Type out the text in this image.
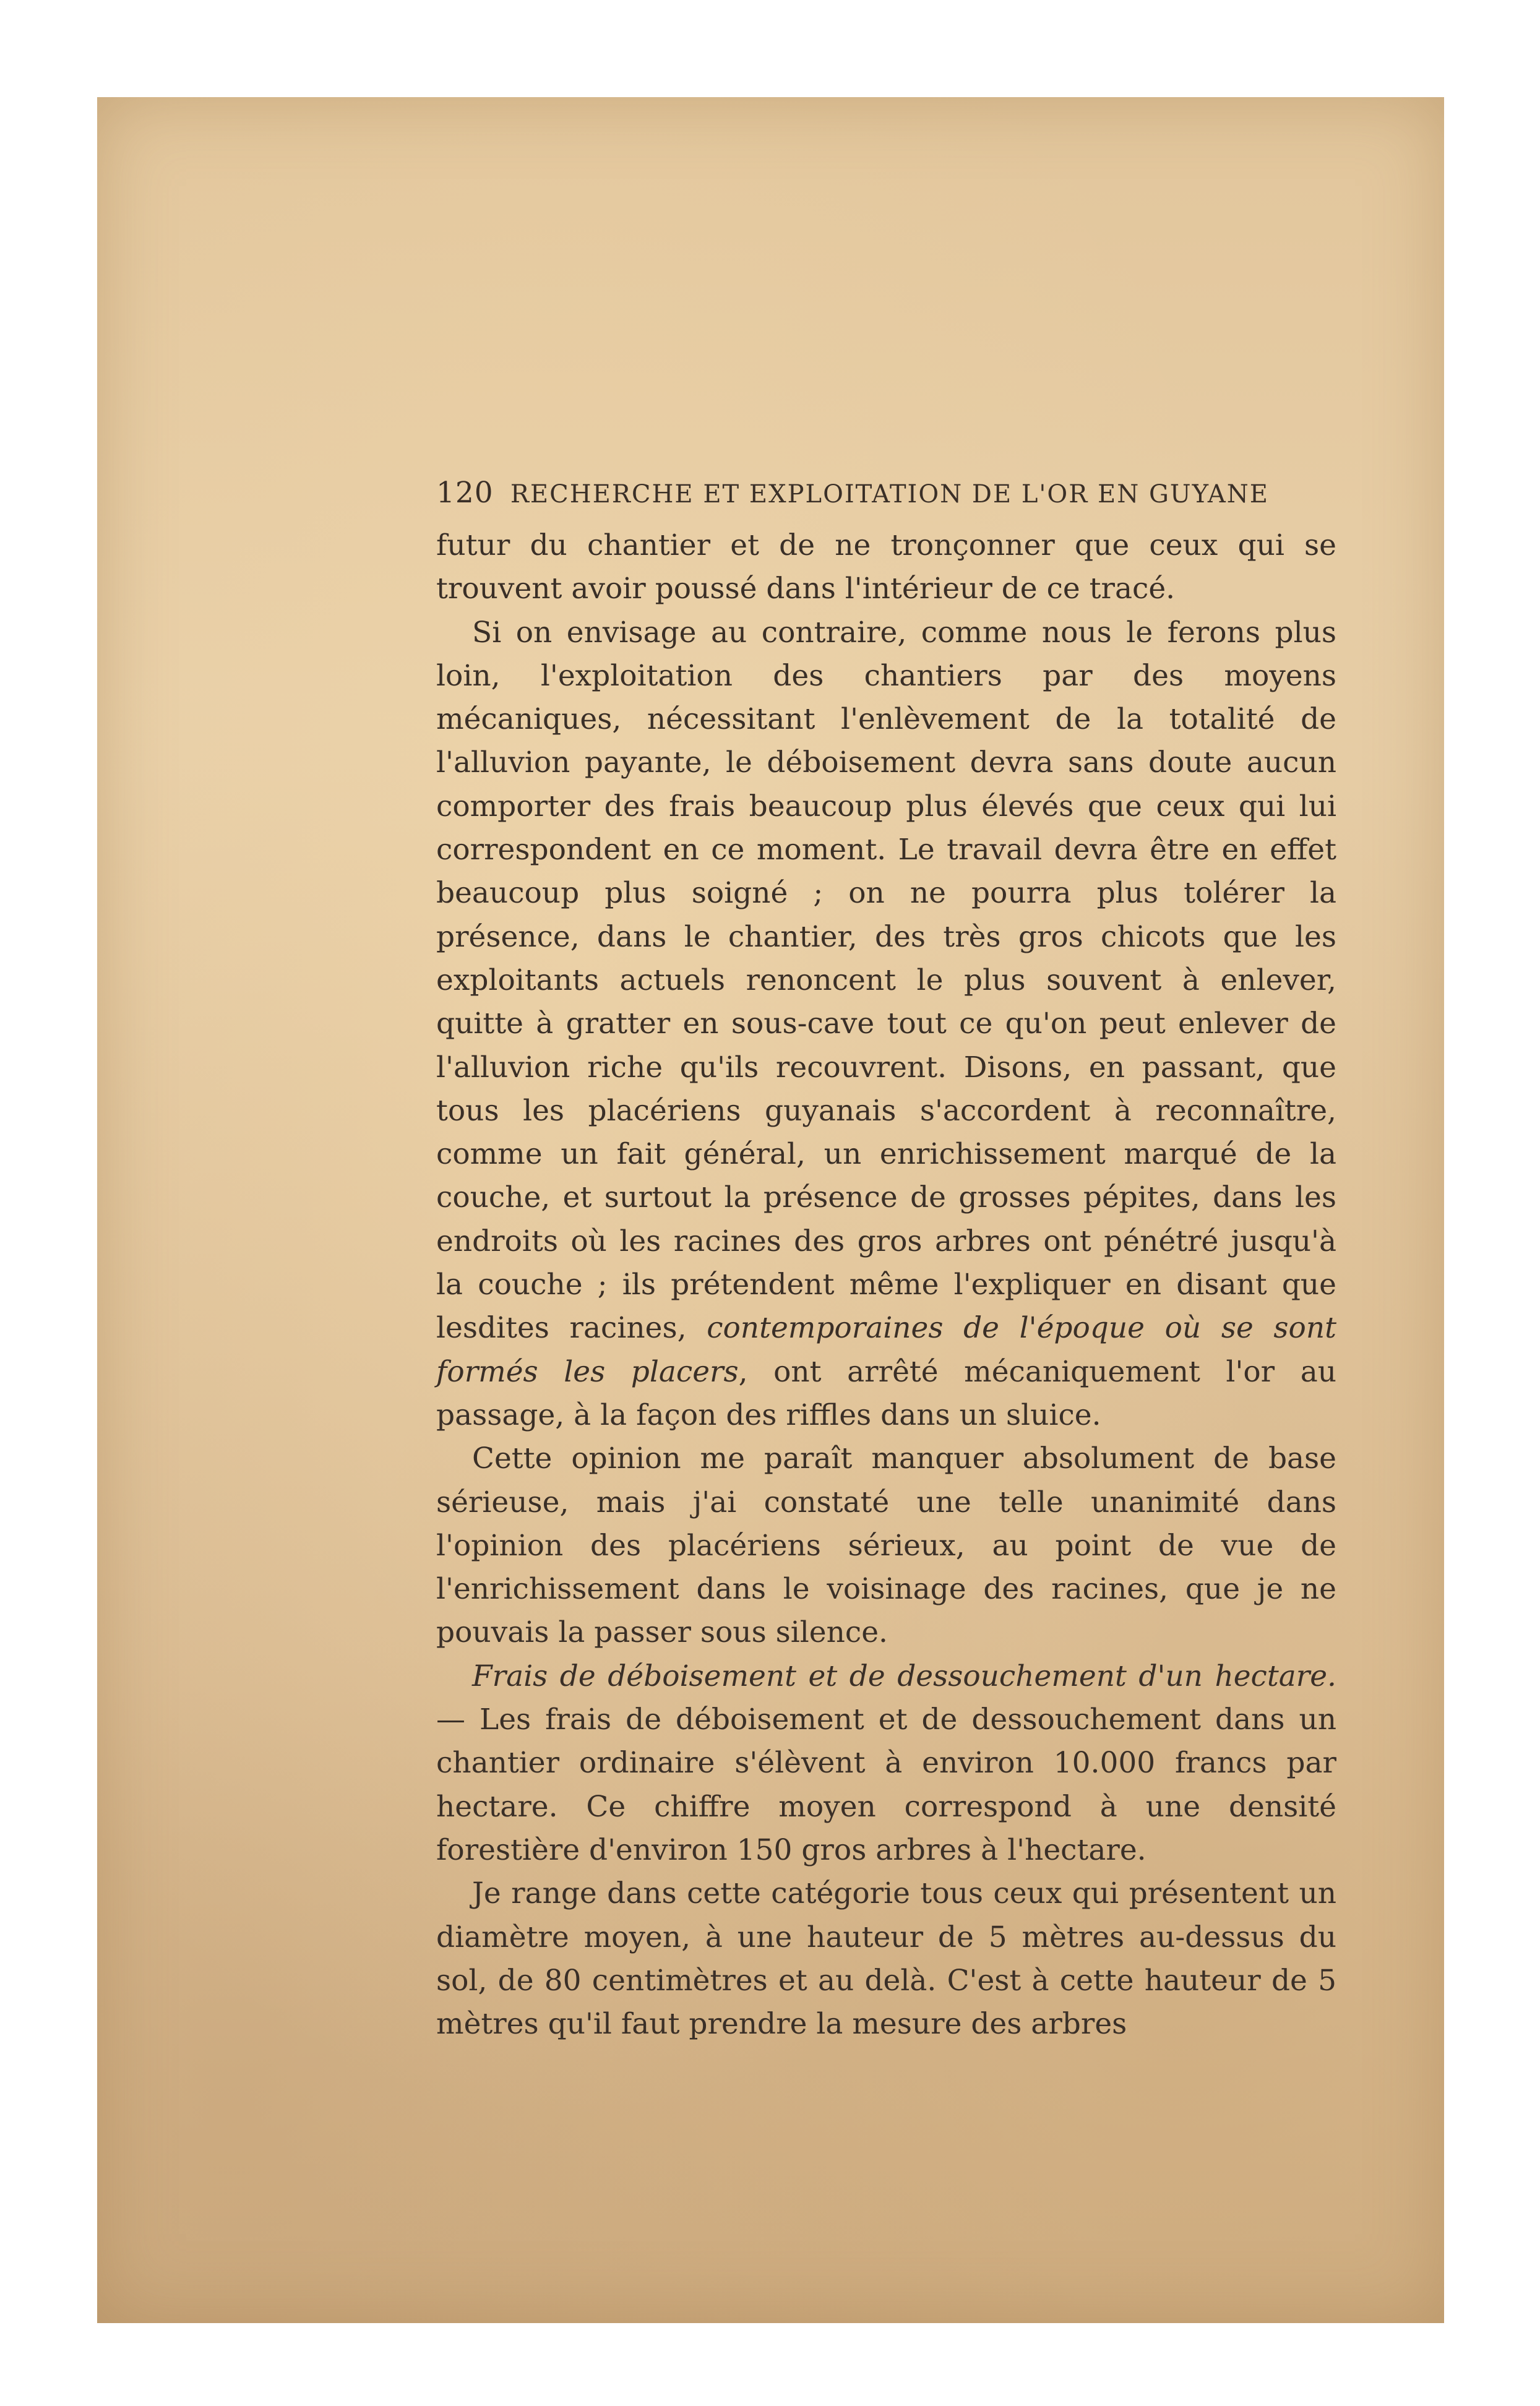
120 RECHERCHE ET EXPLOITATION DE L'OR EN GUYANE

futur du chantier et de ne tronçonner que ceux qui se trouvent avoir poussé dans l'intérieur de ce tracé.

Si on envisage au contraire, comme nous le ferons plus loin, l'exploitation des chantiers par des moyens mécaniques, nécessitant l'enlèvement de la totalité de l'alluvion payante, le déboisement devra sans doute aucun comporter des frais beaucoup plus élevés que ceux qui lui correspondent en ce moment. Le travail devra être en effet beaucoup plus soigné ; on ne pourra plus tolérer la présence, dans le chantier, des très gros chicots que les exploitants actuels renoncent le plus souvent à enlever, quitte à gratter en sous-cave tout ce qu'on peut enlever de l'alluvion riche qu'ils recouvrent. Disons, en passant, que tous les placériens guyanais s'accordent à reconnaître, comme un fait général, un enrichissement marqué de la couche, et surtout la présence de grosses pépites, dans les endroits où les racines des gros arbres ont pénétré jusqu'à la couche ; ils prétendent même l'expliquer en disant que lesdites racines, contemporaines de l'époque où se sont formés les placers, ont arrêté mécaniquement l'or au passage, à la façon des riffles dans un sluice.

Cette opinion me paraît manquer absolument de base sérieuse, mais j'ai constaté une telle unanimité dans l'opinion des placériens sérieux, au point de vue de l'enrichissement dans le voisinage des racines, que je ne pouvais la passer sous silence.

Frais de déboisement et de dessouchement d'un hectare. — Les frais de déboisement et de dessouchement dans un chantier ordinaire s'élèvent à environ 10.000 francs par hectare. Ce chiffre moyen correspond à une densité forestière d'environ 150 gros arbres à l'hectare.

Je range dans cette catégorie tous ceux qui présentent un diamètre moyen, à une hauteur de 5 mètres au-dessus du sol, de 80 centimètres et au delà. C'est à cette hauteur de 5 mètres qu'il faut prendre la mesure des arbres
